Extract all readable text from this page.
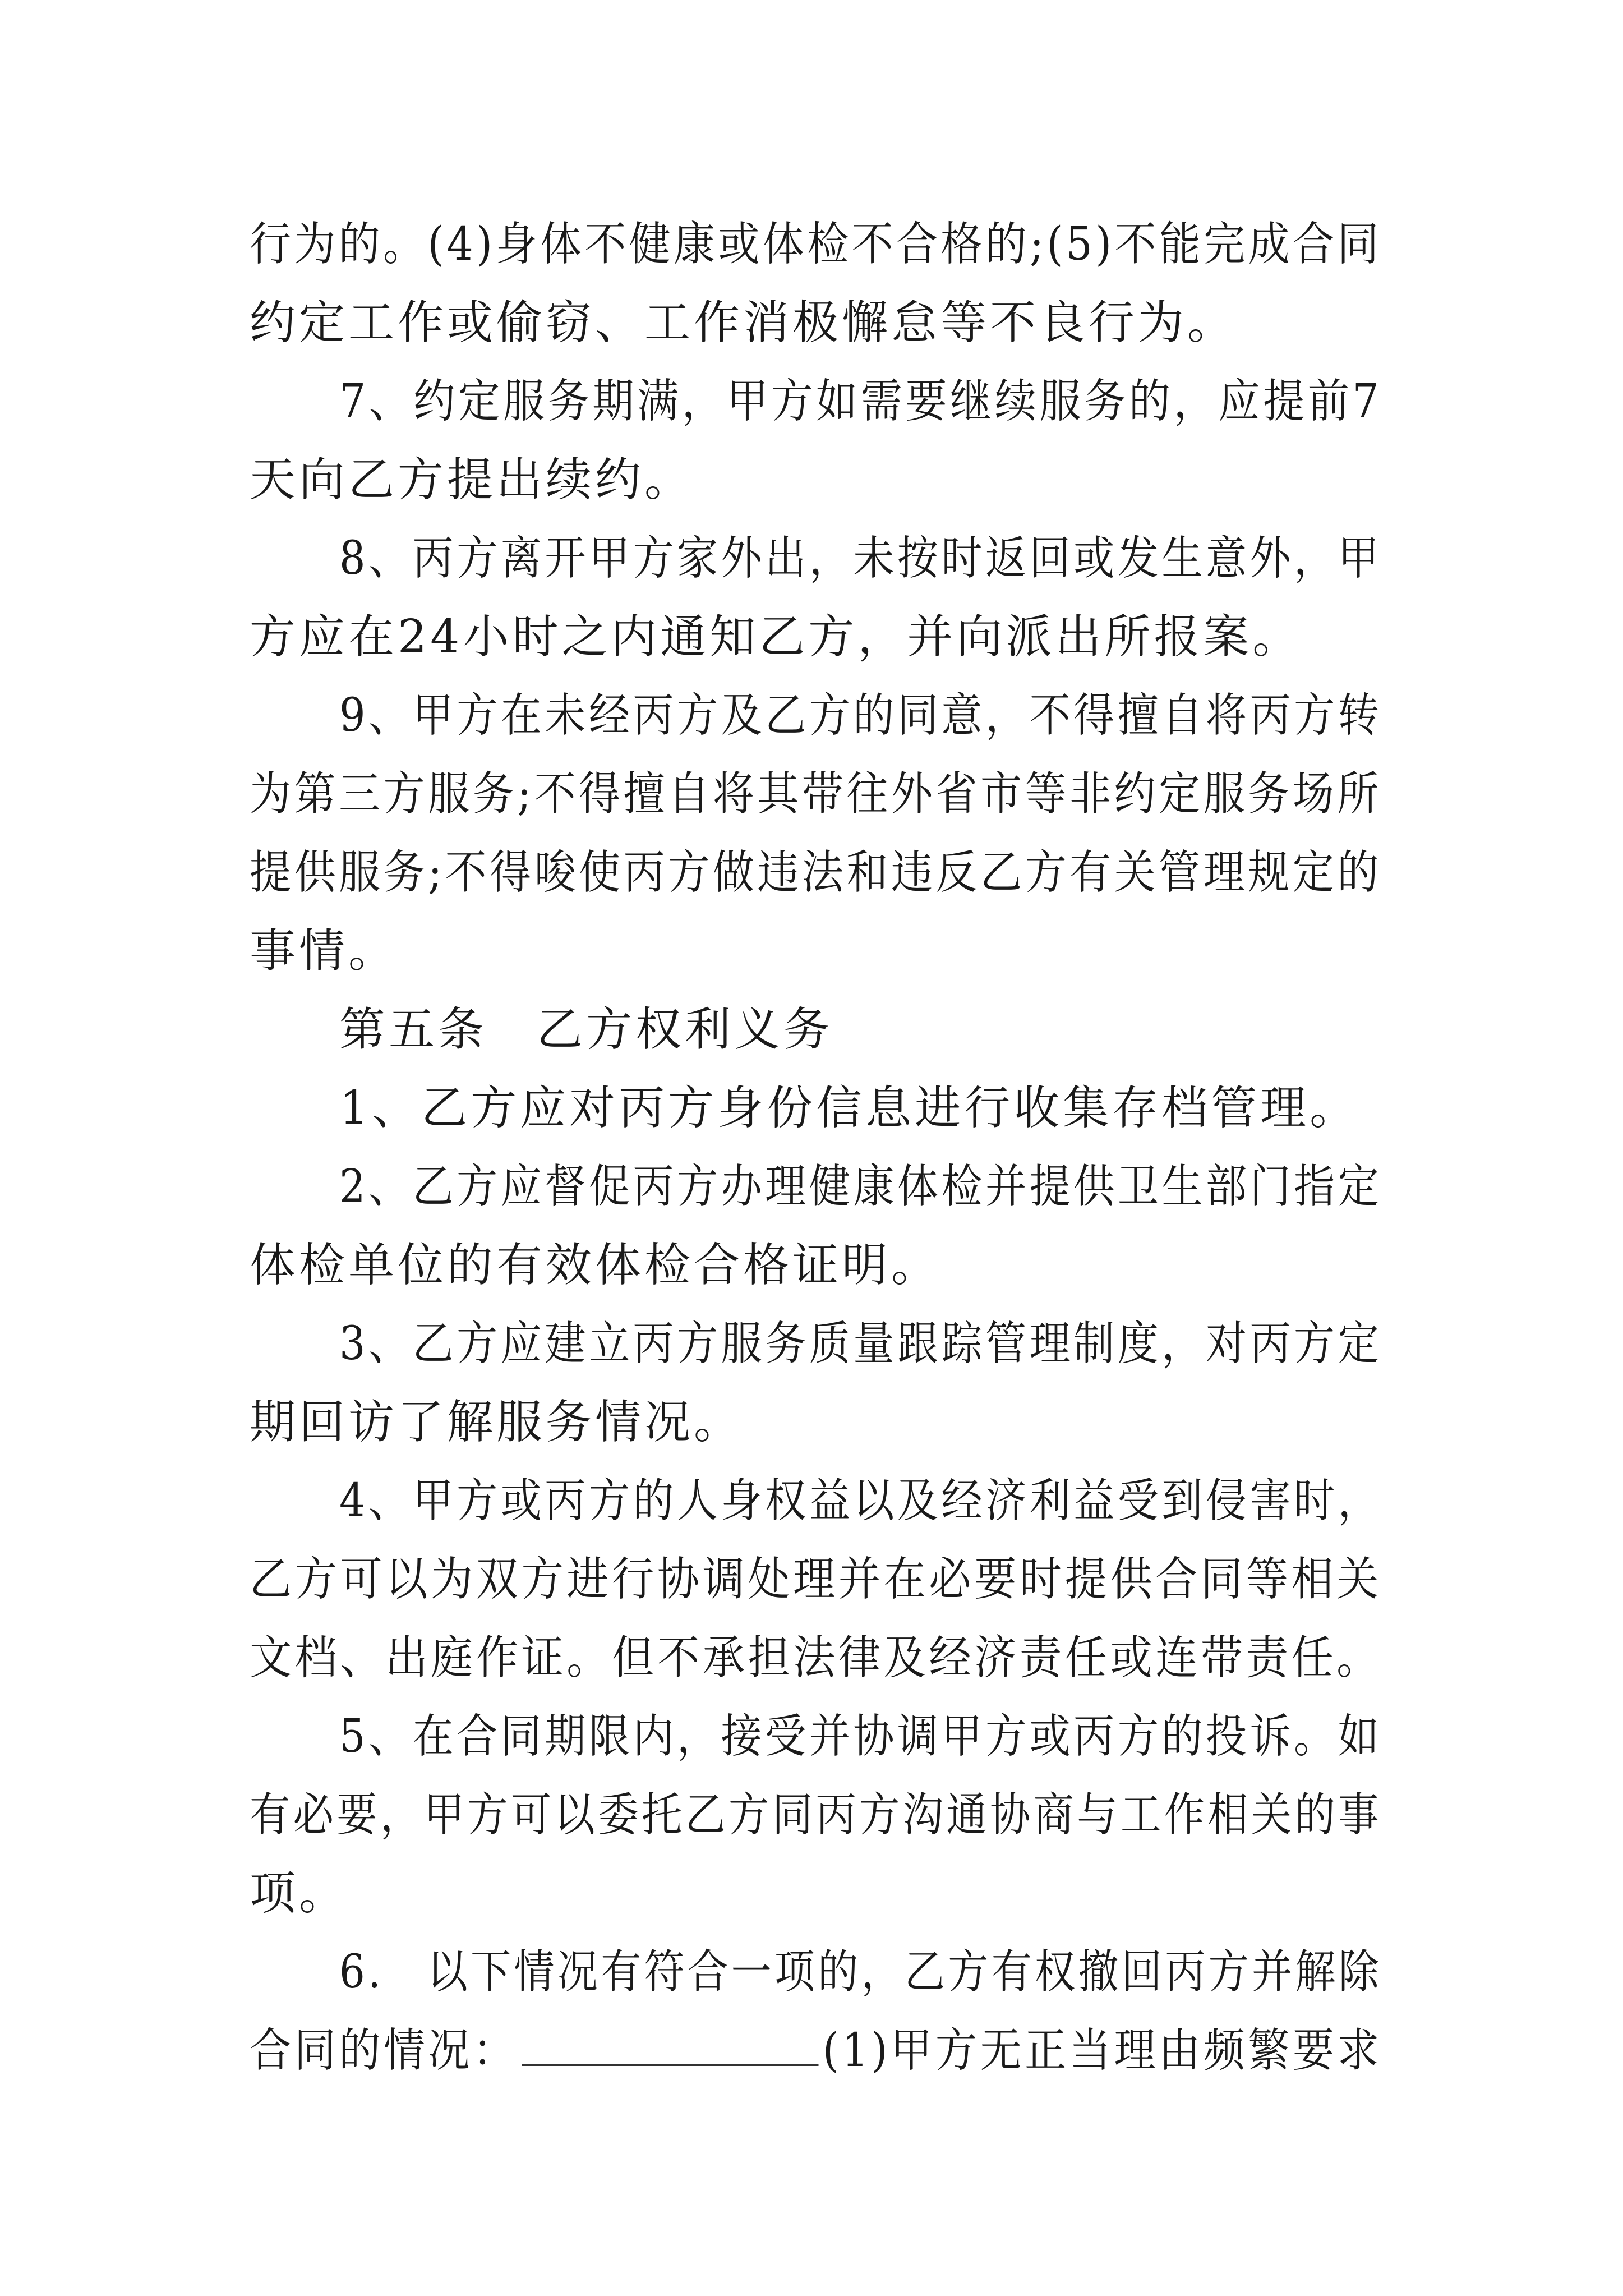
行为的。(4)身体不健康或体检不合格的;(5)不能完成合同
约定工作或偷窃、工作消极懈怠等不良行为。
7、约定服务期满，甲方如需要继续服务的，应提前7
天向乙方提出续约。
8、丙方离开甲方家外出，未按时返回或发生意外，甲
方应在24小时之内通知乙方，并向派出所报案。
9、甲方在未经丙方及乙方的同意，不得擅自将丙方转
为第三方服务;不得擅自将其带往外省市等非约定服务场所
提供服务;不得唆使丙方做违法和违反乙方有关管理规定的
事情。
第五条　乙方权利义务
1、乙方应对丙方身份信息进行收集存档管理。
2、乙方应督促丙方办理健康体检并提供卫生部门指定
体检单位的有效体检合格证明。
3、乙方应建立丙方服务质量跟踪管理制度，对丙方定
期回访了解服务情况。
4、甲方或丙方的人身权益以及经济利益受到侵害时，
乙方可以为双方进行协调处理并在必要时提供合同等相关
文档、出庭作证。但不承担法律及经济责任或连带责任。
5、在合同期限内，接受并协调甲方或丙方的投诉。如
有必要，甲方可以委托乙方同丙方沟通协商与工作相关的事
项。
6.　以下情况有符合一项的，乙方有权撤回丙方并解除
合同的情况：	(1)甲方无正当理由频繁要求
